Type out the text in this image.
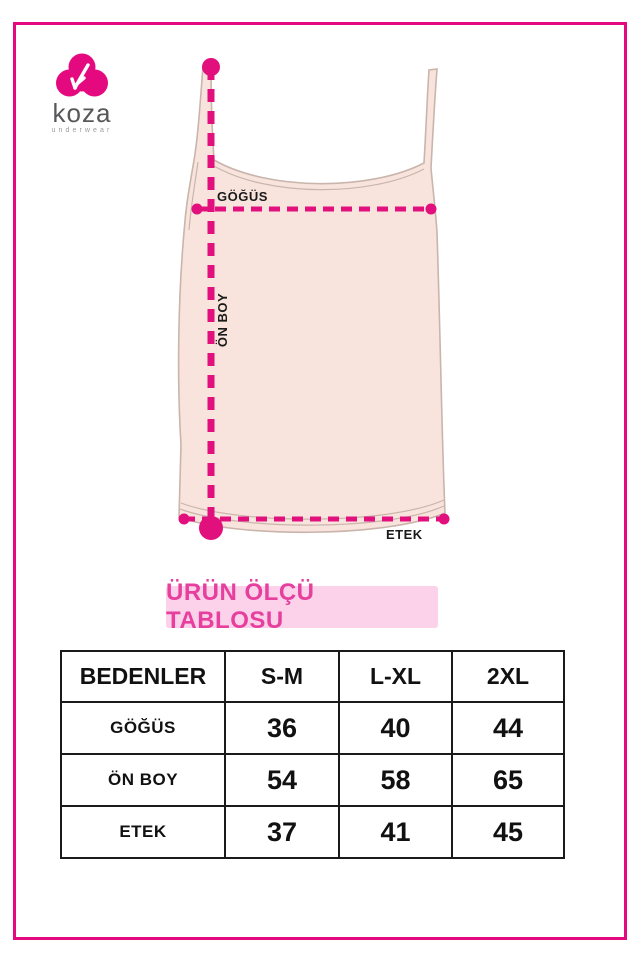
koza
underwear
GÖĞÜS
ÖN BOY
ETEK
ÜRÜN ÖLÇÜ TABLOSU
BEDENLER	S-M	L-XL	2XL
GÖĞÜS	36	40	44
ÖN BOY	54	58	65
ETEK	37	41	45
